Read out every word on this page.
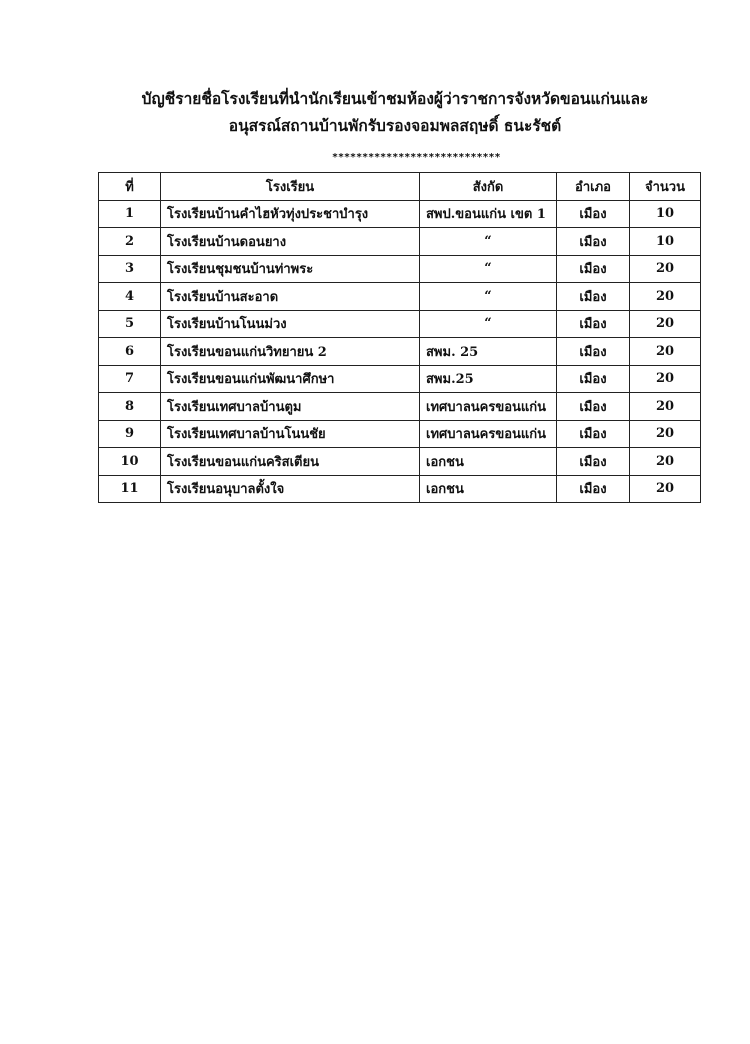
บัญชีรายชื่อโรงเรียนที่นำนักเรียนเข้าชมห้องผู้ว่าราชการจังหวัดขอนแก่นและ
อนุสรณ์สถานบ้านพักรับรองจอมพลสฤษดิ์ ธนะรัชต์
****************************
ที่	โรงเรียน	สังกัด	อำเภอ	จำนวน
1	โรงเรียนบ้านคำไฮหัวทุ่งประชาบำรุง	สพป.ขอนแก่น เขต 1	เมือง	10
2	โรงเรียนบ้านดอนยาง	“	เมือง	10
3	โรงเรียนชุมชนบ้านท่าพระ	“	เมือง	20
4	โรงเรียนบ้านสะอาด	“	เมือง	20
5	โรงเรียนบ้านโนนม่วง	“	เมือง	20
6	โรงเรียนขอนแก่นวิทยายน 2	สพม. 25	เมือง	20
7	โรงเรียนขอนแก่นพัฒนาศึกษา	สพม.25	เมือง	20
8	โรงเรียนเทศบาลบ้านตูม	เทศบาลนครขอนแก่น	เมือง	20
9	โรงเรียนเทศบาลบ้านโนนชัย	เทศบาลนครขอนแก่น	เมือง	20
10	โรงเรียนขอนแก่นคริสเตียน	เอกชน	เมือง	20
11	โรงเรียนอนุบาลตั้งใจ	เอกชน	เมือง	20
